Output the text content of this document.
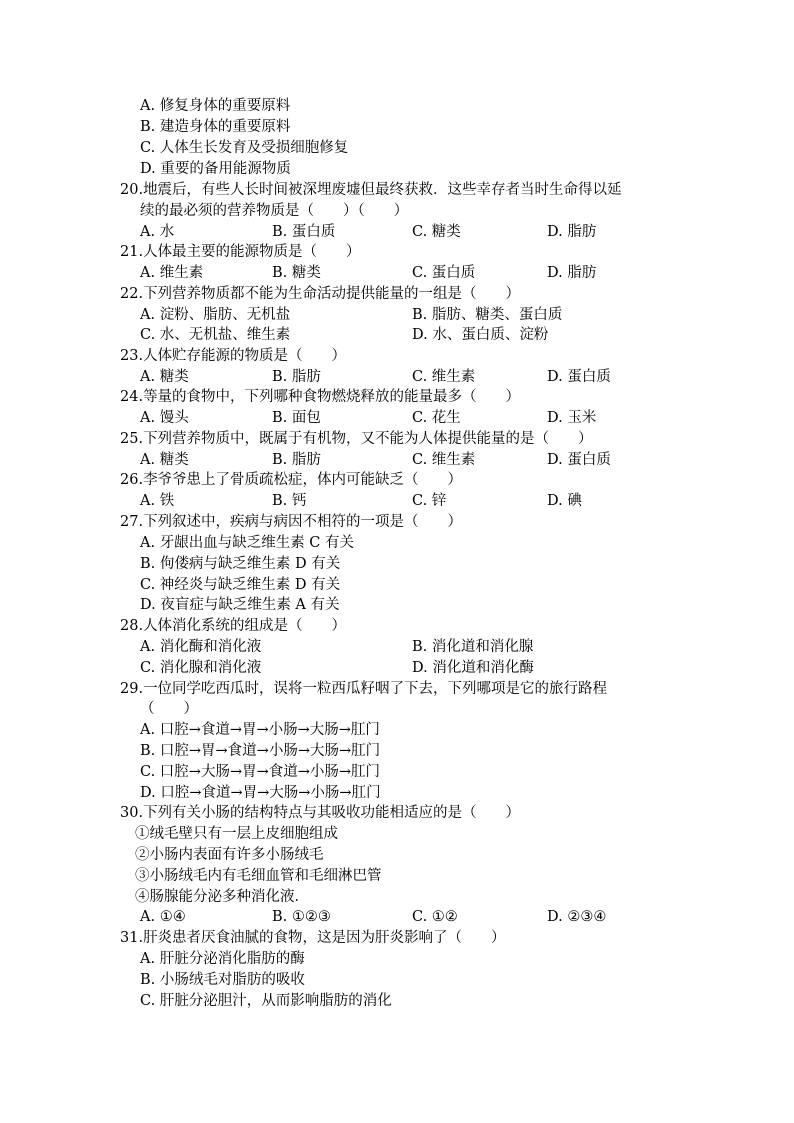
A. 修复身体的重要原料
B. 建造身体的重要原料
C. 人体生长发育及受损细胞修复
D. 重要的备用能源物质
20.地震后，有些人长时间被深埋废墟但最终获救．这些幸存者当时生命得以延
续的最必须的营养物质是（　　）（　　）
A. 水	B. 蛋白质	C. 糖类	D. 脂肪
21.人体最主要的能源物质是（　　）
A. 维生素	B. 糖类	C. 蛋白质	D. 脂肪
22.下列营养物质都不能为生命活动提供能量的一组是（　　）
A. 淀粉、脂肪、无机盐	B. 脂肪、糖类、蛋白质
C. 水、无机盐、维生素	D. 水、蛋白质、淀粉
23.人体贮存能源的物质是（　　）
A. 糖类	B. 脂肪	C. 维生素	D. 蛋白质
24.等量的食物中，下列哪种食物燃烧释放的能量最多（　　）
A. 馒头	B. 面包	C. 花生	D. 玉米
25.下列营养物质中，既属于有机物，又不能为人体提供能量的是（　　）
A. 糖类	B. 脂肪	C. 维生素	D. 蛋白质
26.李爷爷患上了骨质疏松症，体内可能缺乏（　　）
A. 铁	B. 钙	C. 锌	D. 碘
27.下列叙述中，疾病与病因不相符的一项是（　　）
A. 牙龈出血与缺乏维生素 C 有关
B. 佝偻病与缺乏维生素 D 有关
C. 神经炎与缺乏维生素 D 有关
D. 夜盲症与缺乏维生素 A 有关
28.人体消化系统的组成是（　　）
A. 消化酶和消化液	B. 消化道和消化腺
C. 消化腺和消化液	D. 消化道和消化酶
29.一位同学吃西瓜时，误将一粒西瓜籽咽了下去，下列哪项是它的旅行路程
（　　）
A. 口腔→食道→胃→小肠→大肠→肛门
B. 口腔→胃→食道→小肠→大肠→肛门
C. 口腔→大肠→胃→食道→小肠→肛门
D. 口腔→食道→胃→大肠→小肠→肛门
30.下列有关小肠的结构特点与其吸收功能相适应的是（　　）
①绒毛壁只有一层上皮细胞组成
②小肠内表面有许多小肠绒毛
③小肠绒毛内有毛细血管和毛细淋巴管
④肠腺能分泌多种消化液．
A. ①④	B. ①②③	C. ①②	D. ②③④
31.肝炎患者厌食油腻的食物，这是因为肝炎影响了（　　）
A. 肝脏分泌消化脂肪的酶
B. 小肠绒毛对脂肪的吸收
C. 肝脏分泌胆汁，从而影响脂肪的消化
